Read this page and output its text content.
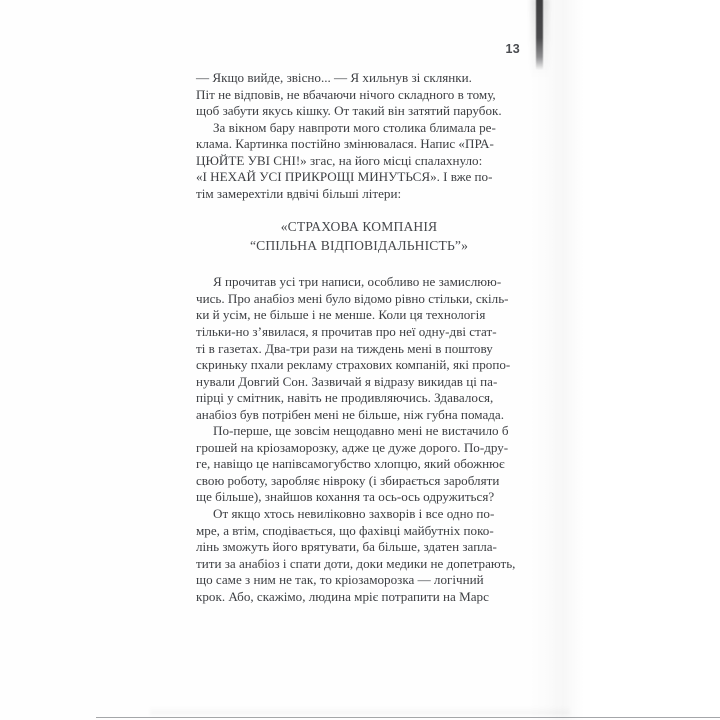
13

— Якщо вийде, звісно... — Я хильнув зі склянки.
Піт не відповів, не вбачаючи нічого складного в тому,
щоб забути якусь кішку. От такий він затятий парубок.

За вікном бару навпроти мого столика блимала ре-
клама. Картинка постійно змінювалася. Напис «ПРА-
ЦЮЙТЕ УВІ СНІ!» згас, на його місці спалахнуло:
«І НЕХАЙ УСІ ПРИКРОЩІ МИНУТЬСЯ». І вже по-
тім замерехтіли вдвічі більші літери:

«СТРАХОВА КОМПАНІЯ
“СПІЛЬНА ВІДПОВІДАЛЬНІСТЬ”»

Я прочитав усі три написи, особливо не замислюю-
чись. Про анабіоз мені було відомо рівно стільки, скіль-
ки й усім, не більше і не менше. Коли ця технологія
тільки-но з’явилася, я прочитав про неї одну-дві стат-
ті в газетах. Два-три рази на тиждень мені в поштову
скриньку пхали рекламу страхових компаній, які пропо-
нували Довгий Сон. Зазвичай я відразу викидав ці па-
пірці у смітник, навіть не продивляючись. Здавалося,
анабіоз був потрібен мені не більше, ніж губна помада.

По-перше, ще зовсім нещодавно мені не вистачило б
грошей на кріозаморозку, адже це дуже дорого. По-дру-
ге, навіщо це напівсамогубство хлопцю, який обожнює
свою роботу, заробляє нівроку (і збирається заробляти
ще більше), знайшов кохання та ось-ось одружиться?

От якщо хтось невиліковно захворів і все одно по-
мре, а втім, сподівається, що фахівці майбутніх поко-
лінь зможуть його врятувати, ба більше, здатен запла-
тити за анабіоз і спати доти, доки медики не допетрають,
що саме з ним не так, то кріозаморозка — логічний
крок. Або, скажімо, людина мріє потрапити на Марс
